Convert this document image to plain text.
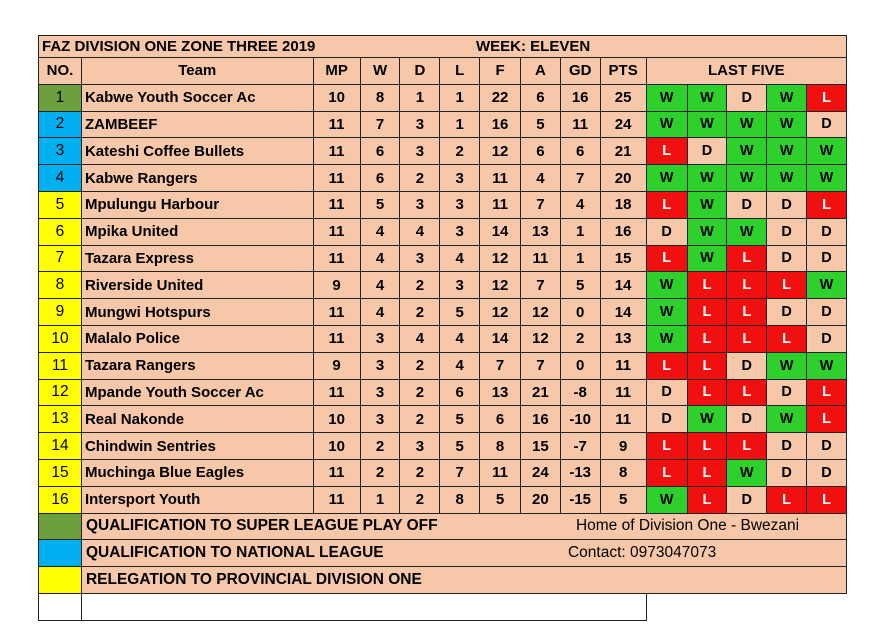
FAZ DIVISION ONE ZONE THREE 2019 WEEK: ELEVEN														

NO.	Team	MP	W	D	L	F	A	GD	PTS	LAST FIVE				
1	Kabwe Youth Soccer Ac	10	8	1	1	22	6	16	25	W	W	D	W	L
2	ZAMBEEF	11	7	3	1	16	5	11	24	W	W	W	W	D
3	Kateshi Coffee Bullets	11	6	3	2	12	6	6	21	L	D	W	W	W
4	Kabwe Rangers	11	6	2	3	11	4	7	20	W	W	W	W	W
5	Mpulungu Harbour	11	5	3	3	11	7	4	18	L	W	D	D	L
6	Mpika United	11	4	4	3	14	13	1	16	D	W	W	D	D
7	Tazara Express	11	4	3	4	12	11	1	15	L	W	L	D	D
8	Riverside United	9	4	2	3	12	7	5	14	W	L	L	L	W
9	Mungwi Hotspurs	11	4	2	5	12	12	0	14	W	L	L	D	D
10	Malalo Police	11	3	4	4	14	12	2	13	W	L	L	L	D
11	Tazara Rangers	9	3	2	4	7	7	0	11	L	L	D	W	W
12	Mpande Youth Soccer Ac	11	3	2	6	13	21	-8	11	D	L	L	D	L
13	Real Nakonde	10	3	2	5	6	16	-10	11	D	W	D	W	L
14	Chindwin Sentries	10	2	3	5	8	15	-7	9	L	L	L	D	D
15	Muchinga Blue Eagles	11	2	2	7	11	24	-13	8	L	L	W	D	D
16	Intersport Youth	11	1	2	8	5	20	-15	5	W	L	D	L	L

	QUALIFICATION TO SUPER LEAGUE PLAY OFF Home of Division One - Bwezani													

	QUALIFICATION TO NATIONAL LEAGUE Contact: 0973047073													

	RELEGATION TO PROVINCIAL DIVISION ONE													
